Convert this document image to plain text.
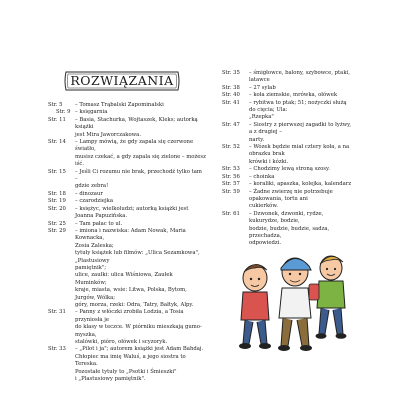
ROZWIĄZANIA
Str. 5	– Tomasz Trąbalski Zapominalski
Str. 9 – księgarnia
Str. 11	– Basia, Stachurka, Wojtaszek, Kleks; autorką książki
jest Mira Jaworczakowa.
Str. 14	– Lampy mówią, że gdy zapala się czerwone światło,
musisz czekać, a gdy zapala się zielone – możesz iść.
Str. 15	– Jeśli Ci rozumu nie brak, przechodź tylko tam –
gdzie zebra!
Str. 18	– dinozaur
Str. 19	– czarodziejka
Str. 20	– księżyc, wielkoludzi; autorką książki jest
Joanna Papuzińska.
Str. 25	– Tam pałac to ul.
Str. 29	– imiona i nazwiska: Adam Nowak, Maria Kownacka,
Zosia Zaleska;
tytuły książek lub filmów: „Ulica Sezamkowa", „Plastusiowy
pamiętnik";
ulice, zaułki: ulica Wiśniowa, Zaułek Muminków;
kraje, miasta, wsie: Litwa, Polska, Bytom, Jurgów, Wólka;
góry, morza, rzeki: Odra, Tatry, Bałtyk, Alpy.
Str. 31	– Panny z włóczki zrobiła Lodzia, a Tosia przyniosła je
do klasy w teczce. W piórniku mieszkają gumo-myszka,
stalówki, pióro, ołówek i scyzoryk.
Str. 33	– „Pilot i ja"; autorem książki jest Adam Bahdaj.
Chłopiec ma imię Waluś, a jego siostra to Tereska.
Pozostałe tytuły to „Psotki i Śmieszki"
i „Plastusiowy pamiętnik".
Str. 35	– śmigłowce, balony, szybowce, ptaki, latawce
Str. 38	– 27 sylab
Str. 40	– koła ziemskie, mrówka, ołówek
Str. 41	– rybitwa to ptak; 51; nożyczki służą do cięcia; Ula:
„Rzepka"
Str. 47	– Siostry z pierwszej zagadki to łyżwy, a z drugiej –
narty.
Str. 52	– Wózek będzie miał cztery koła, a na obrazku brak
krówki i kózki.
Str. 53	– Chodzimy lewą stroną szosy.
Str. 56	– choinka
Str. 57	– koraliki, apaszka, kolejka, kalendarz
Str. 59	– Żadne zwierzę nie potrzebuje opakowania, tortu ani
cukierków.
Str. 61	– Dzwonek, dzwonki, rydze, kukurydze, bodzie,
bodzie, budzie, budzie, sadza, przechadza,
odpowiedzi.
